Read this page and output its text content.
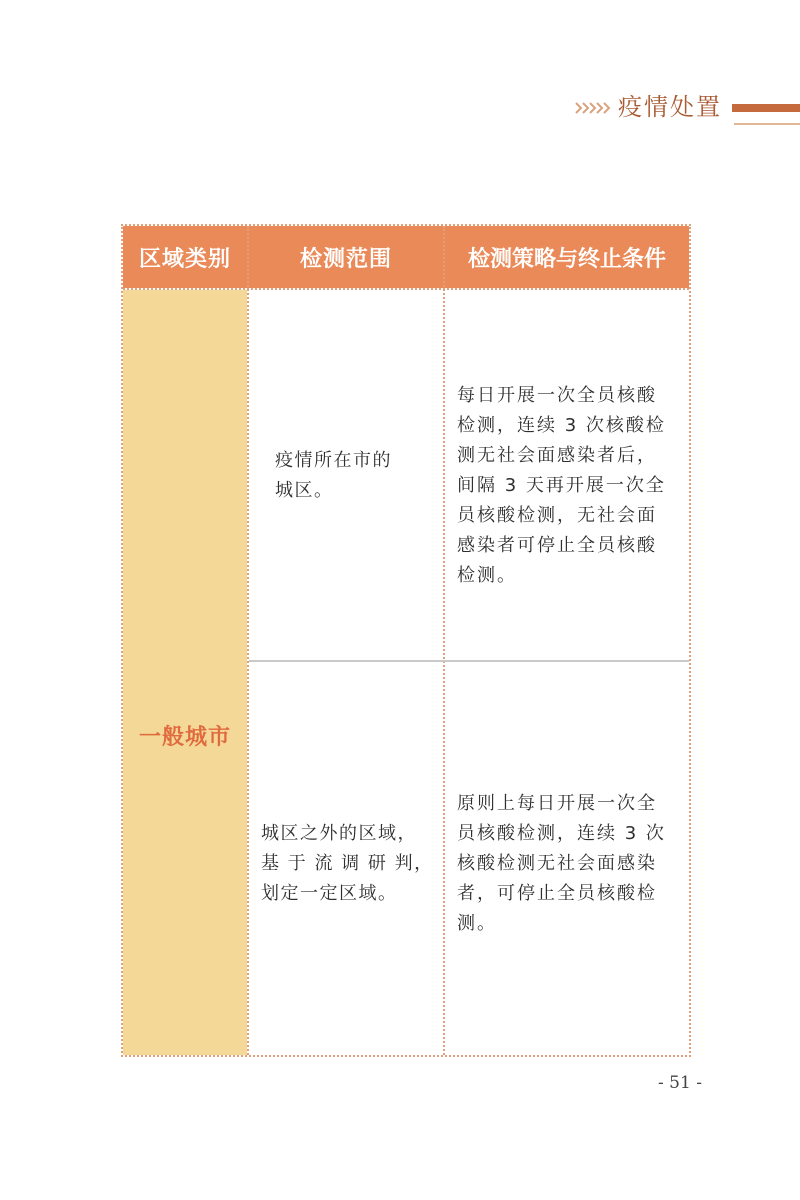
疫情处置
区域类别	检测范围	检测策略与终止条件
一般城市
疫情所在市的
城区。
每日开展一次全员核酸
检测，连续 3 次核酸检
测无社会面感染者后，
间隔 3 天再开展一次全
员核酸检测，无社会面
感染者可停止全员核酸
检测。
城区之外的区域，
基 于 流 调 研 判，
划定一定区域。
原则上每日开展一次全
员核酸检测，连续 3 次
核酸检测无社会面感染
者，可停止全员核酸检
测。
- 51 -
